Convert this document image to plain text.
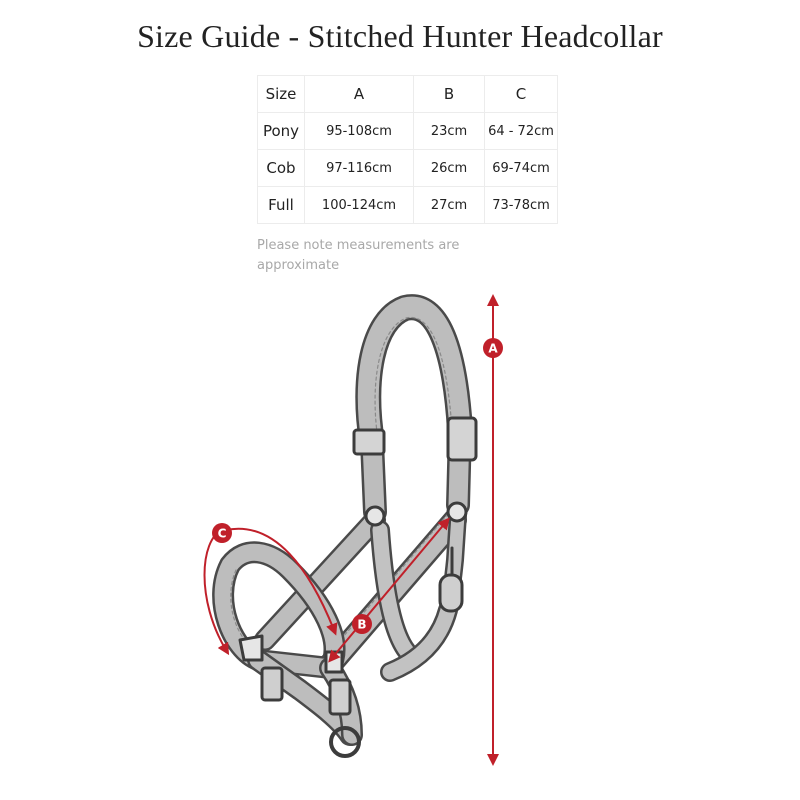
Size Guide - Stitched Hunter Headcollar
Size	A	B	C
Pony	95-108cm	23cm	64 - 72cm
Cob	97-116cm	26cm	69-74cm
Full	100-124cm	27cm	73-78cm
Please note measurements are approximate
A
C
B
